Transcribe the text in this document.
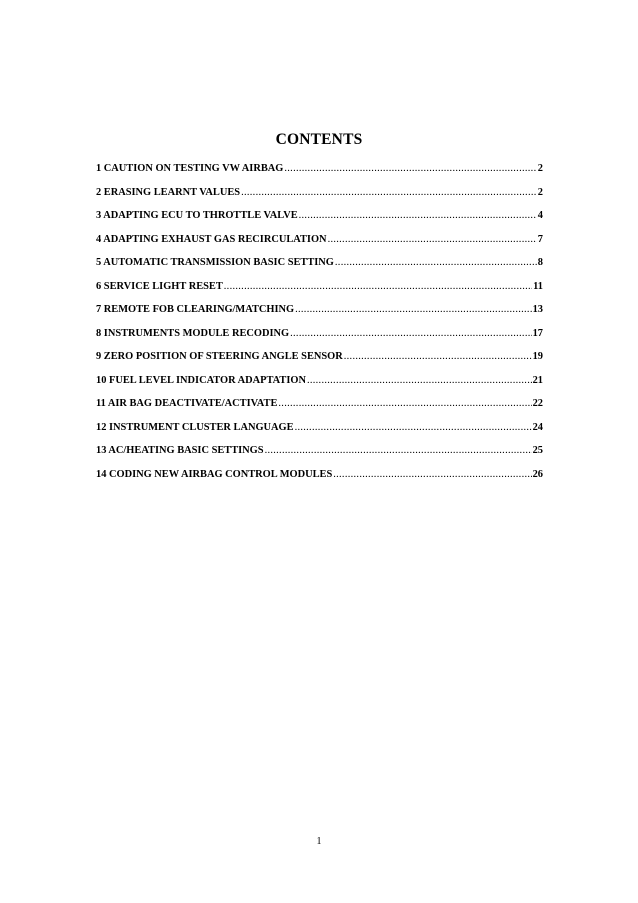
CONTENTS
1 CAUTION ON TESTING VW AIRBAG .....	2
2 ERASING LEARNT VALUES .....	2
3 ADAPTING ECU TO THROTTLE VALVE .....	4
4 ADAPTING EXHAUST GAS RECIRCULATION .....	7
5 AUTOMATIC TRANSMISSION BASIC SETTING .....	8
6 SERVICE LIGHT RESET .....	11
7 REMOTE FOB CLEARING/MATCHING .....	13
8 INSTRUMENTS MODULE RECODING .....	17
9 ZERO POSITION OF STEERING ANGLE SENSOR .....	19
10 FUEL LEVEL INDICATOR ADAPTATION .....	21
11 AIR BAG DEACTIVATE/ACTIVATE .....	22
12 INSTRUMENT CLUSTER LANGUAGE .....	24
13 AC/HEATING BASIC SETTINGS .....	25
14 CODING NEW AIRBAG CONTROL MODULES .....	26
1
